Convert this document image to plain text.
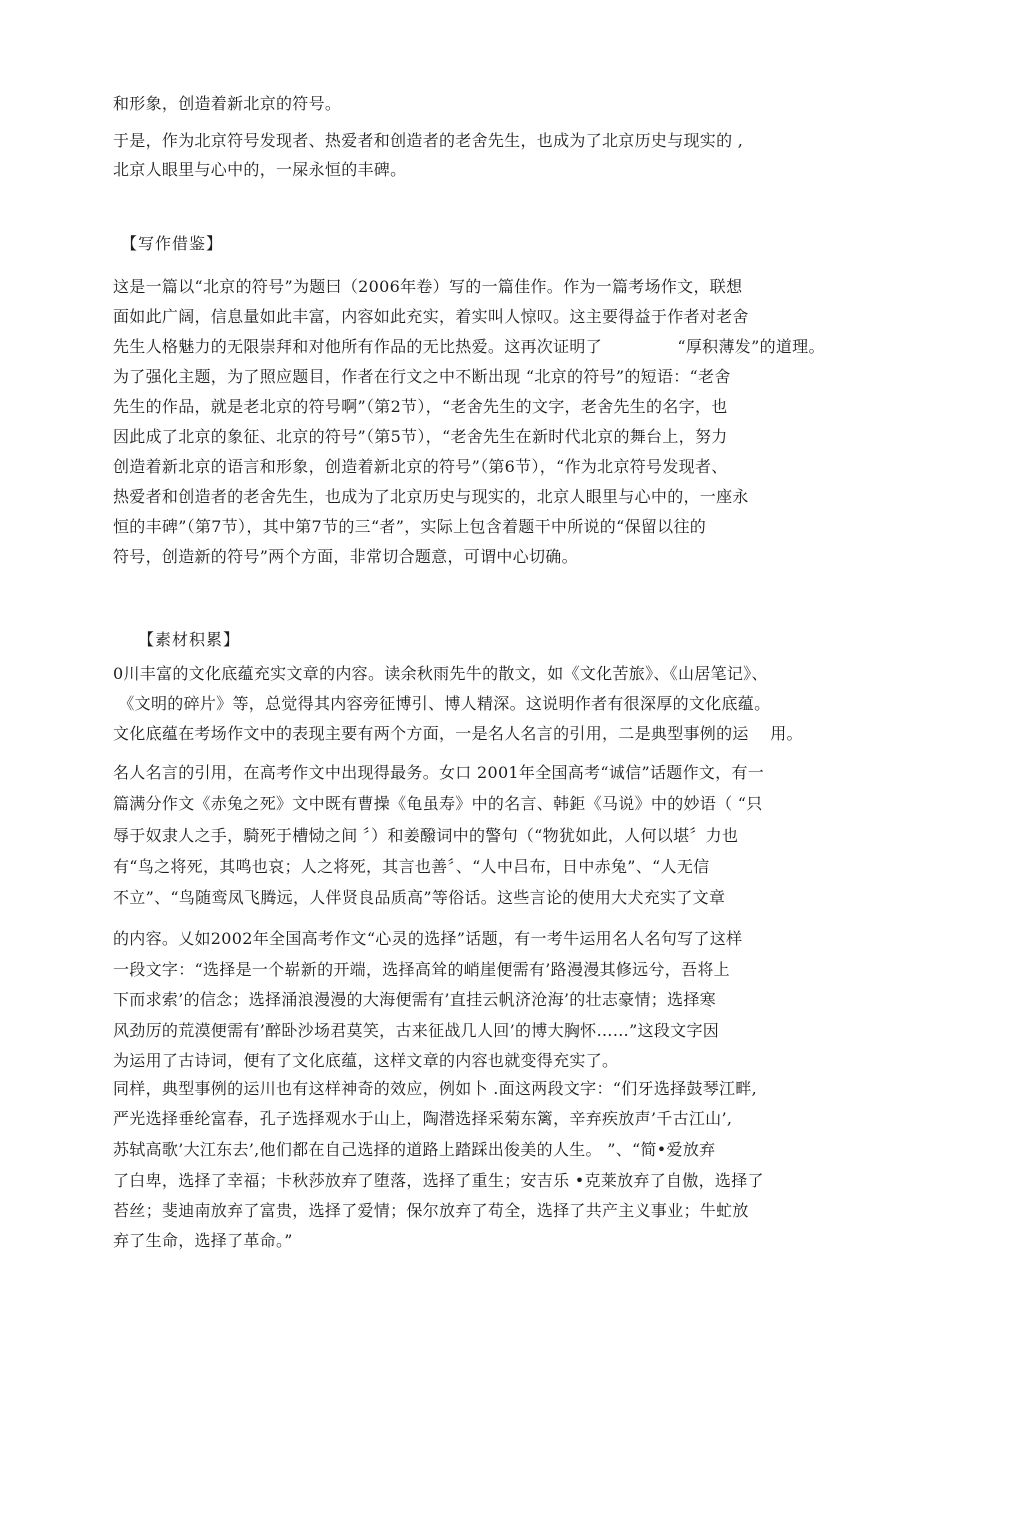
和形象，创造着新北京的符号。
于是，作为北京符号发现者、热爱者和创造者的老舍先生，也成为了北京历史与现实的 ,
北京人眼里与心中的，一屎永恒的丰碑。
【写作借鉴】
这是一篇以“北京的符号”为题曰（2006年卷）写的一篇佳作。作为一篇考场作文，联想
面如此广阔，信息量如此丰富，内容如此充实，着实叫人惊叹。这主要得益于作者对老舍
先生人格魅力的无限崇拜和对他所有作品的无比热爱。这再次证明了              “厚积薄发”的道理。
为了强化主题，为了照应题目，作者在行文之中不断出现 “北京的符号”的短语：“老舍
先生的作品，就是老北京的符号啊”（第2节），“老舍先生的文字，老舍先生的名字，也
因此成了北京的象征、北京的符号”（第5节），“老舍先生在新时代北京的舞台上，努力
创造着新北京的语言和形象，创造着新北京的符号”（第6节），“作为北京符号发现者、
热爱者和创造者的老舍先生，也成为了北京历史与现实的，北京人眼里与心中的，一座永
恒的丰碑”（第7节），其中第7节的三“者”，实际上包含着题干中所说的“保留以往的
符号，创造新的符号”两个方面，非常切合题意，可谓中心切确。
【素材积累】
0川丰富的文化底蕴充实文章的内容。读余秋雨先牛的散文，如《文化苦旅》、《山居笔记》、
《文明的碎片》等，总觉得其内容旁征博引、博人精深。这说明作者有很深厚的文化底蕴。
文化底蕴在考场作文中的表现主要有两个方面，一是名人名言的引用，二是典型事例的运    用。
名人名言的引用，在高考作文中出现得最务。女口 2001年全国高考“诚信”话题作文，有一
篇满分作文《赤兔之死》文中既有曹操《龟虽寿》中的名言、韩鉅《马说》中的妙语（ “只
辱于奴隶人之手，騎死于槽恸之间 〞）和姜醱词中的警句（“物犹如此，人何以堪〞力也
有“鸟之将死，其鸣也哀；人之将死，其言也善〞、“人中吕布，日中赤兔”、“人无信
不立”、“鸟随鸾凤飞腾远，人伴贤良品质高”等俗话。这些言论的使用大犬充实了文章
的内容。乂如2002年全国高考作文“心灵的选择”话题，有一考牛运用名人名句写了这样
一段文字：“选择是一个崭新的开端，选择高耸的峭崖便需有’路漫漫其修远兮，吾将上
下而求索’的信念；选择涌浪漫漫的大海便需有’直挂云帆济沧海’的壮志豪情；选择寒
风劲厉的荒漠便需有’醉卧沙场君莫笑，古来征战几人回’的博大胸怀……”这段文字因
为运用了古诗词，便有了文化底蕴，这样文章的内容也就变得充实了。
同样，典型事例的运川也有这样神奇的效应，例如卜 .面这两段文字：“们牙选择鼓琴江畔,
严光选择垂纶富春，孔子选择观水于山上，陶潜选择采菊东篱，辛弃疾放声’千古江山’,
苏轼高歌’大江东去’,他们都在自己选择的道路上踏踩出俊美的人生。 ”、“简•爱放弃
了白卑，选择了幸福；卡秋莎放弃了堕落，选择了重生；安吉乐 •克莱放弃了自傲，选择了
苔丝；斐迪南放弃了富贵，选择了爱情；保尔放弃了苟全，选择了共产主义事业；牛虻放
弃了生命，选择了革命。”
